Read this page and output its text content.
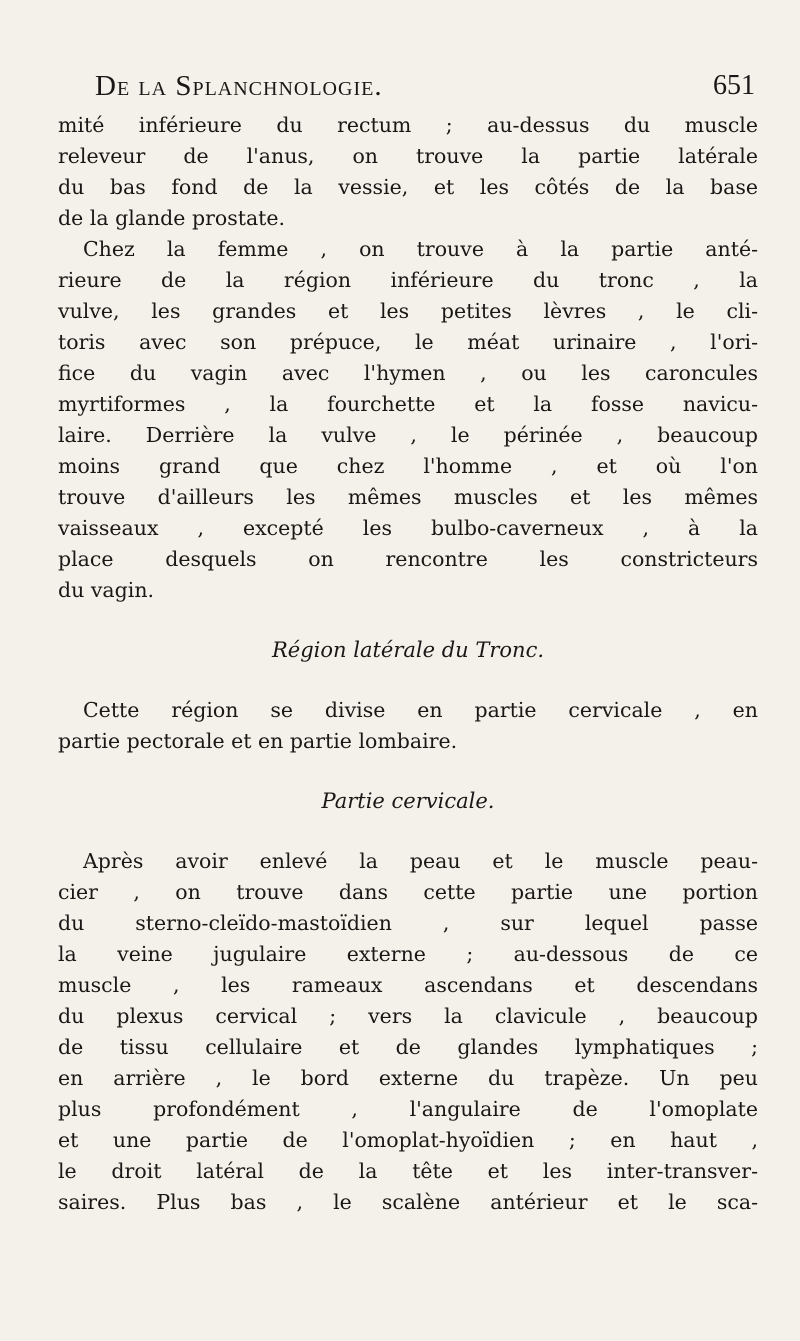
De la Splanchnologie.	651
mité inférieure du rectum ; au-dessus du muscle
releveur de l'anus, on trouve la partie latérale
du bas fond de la vessie, et les côtés de la base
de la glande prostate.
Chez la femme , on trouve à la partie anté-
rieure de la région inférieure du tronc , la
vulve, les grandes et les petites lèvres , le cli-
toris avec son prépuce, le méat urinaire , l'ori-
fice du vagin avec l'hymen , ou les caroncules
myrtiformes , la fourchette et la fosse navicu-
laire. Derrière la vulve , le périnée , beaucoup
moins grand que chez l'homme , et où l'on
trouve d'ailleurs les mêmes muscles et les mêmes
vaisseaux , excepté les bulbo-caverneux , à la
place desquels on rencontre les constricteurs
du vagin.
Région latérale du Tronc.
Cette région se divise en partie cervicale , en
partie pectorale et en partie lombaire.
Partie cervicale.
Après avoir enlevé la peau et le muscle peau-
cier , on trouve dans cette partie une portion
du sterno-cleïdo-mastoïdien , sur lequel passe
la veine jugulaire externe ; au-dessous de ce
muscle , les rameaux ascendans et descendans
du plexus cervical ; vers la clavicule , beaucoup
de tissu cellulaire et de glandes lymphatiques ;
en arrière , le bord externe du trapèze. Un peu
plus profondément , l'angulaire de l'omoplate
et une partie de l'omoplat-hyoïdien ; en haut ,
le droit latéral de la tête et les inter-transver-
saires. Plus bas , le scalène antérieur et le sca-
